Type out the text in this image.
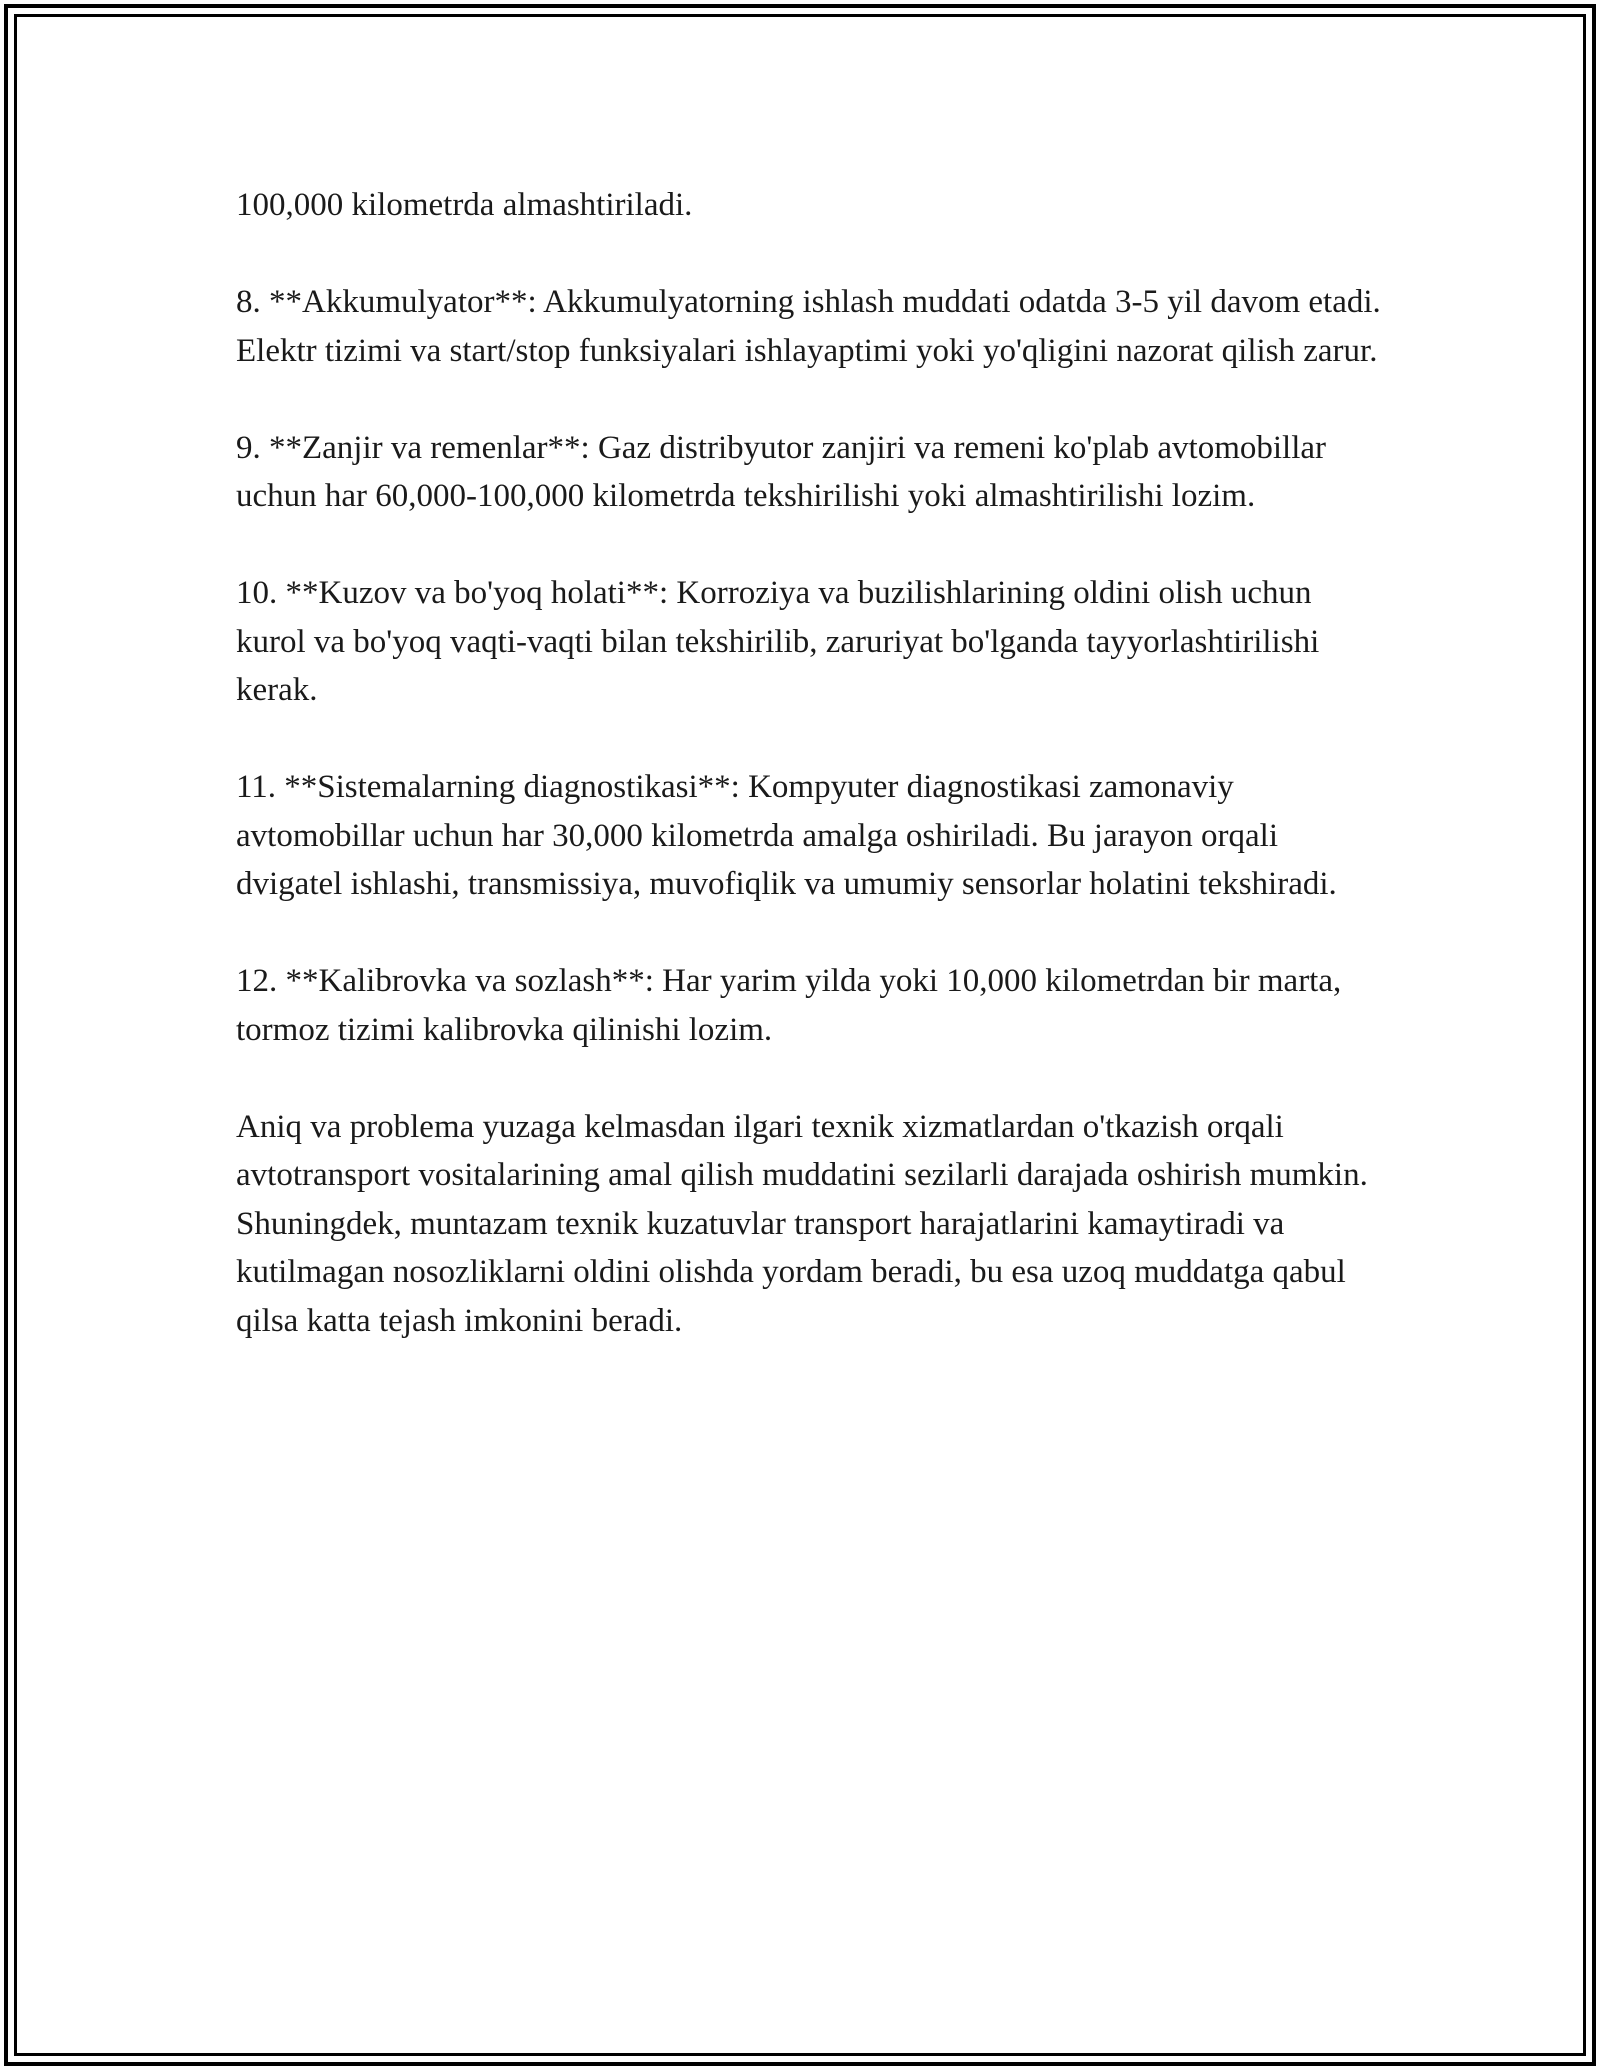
100,000 kilometrda almashtiriladi.

8. **Akkumulyator**: Akkumulyatorning ishlash muddati odatda 3-5 yil davom etadi. Elektr tizimi va start/stop funksiyalari ishlayaptimi yoki yo'qligini nazorat qilish zarur.

9. **Zanjir va remenlar**: Gaz distribyutor zanjiri va remeni ko'plab avtomobillar uchun har 60,000-100,000 kilometrda tekshirilishi yoki almashtirilishi lozim.

10. **Kuzov va bo'yoq holati**: Korroziya va buzilishlarining oldini olish uchun kurol va bo'yoq vaqti-vaqti bilan tekshirilib, zaruriyat bo'lganda tayyorlashtirilishi kerak.

11. **Sistemalarning diagnostikasi**: Kompyuter diagnostikasi zamonaviy avtomobillar uchun har 30,000 kilometrda amalga oshiriladi. Bu jarayon orqali dvigatel ishlashi, transmissiya, muvofiqlik va umumiy sensorlar holatini tekshiradi.

12. **Kalibrovka va sozlash**: Har yarim yilda yoki 10,000 kilometrdan bir marta, tormoz tizimi kalibrovka qilinishi lozim.

Aniq va problema yuzaga kelmasdan ilgari texnik xizmatlardan o'tkazish orqali avtotransport vositalarining amal qilish muddatini sezilarli darajada oshirish mumkin. Shuningdek, muntazam texnik kuzatuvlar transport harajatlarini kamaytiradi va kutilmagan nosozliklarni oldini olishda yordam beradi, bu esa uzoq muddatga qabul qilsa katta tejash imkonini beradi.
